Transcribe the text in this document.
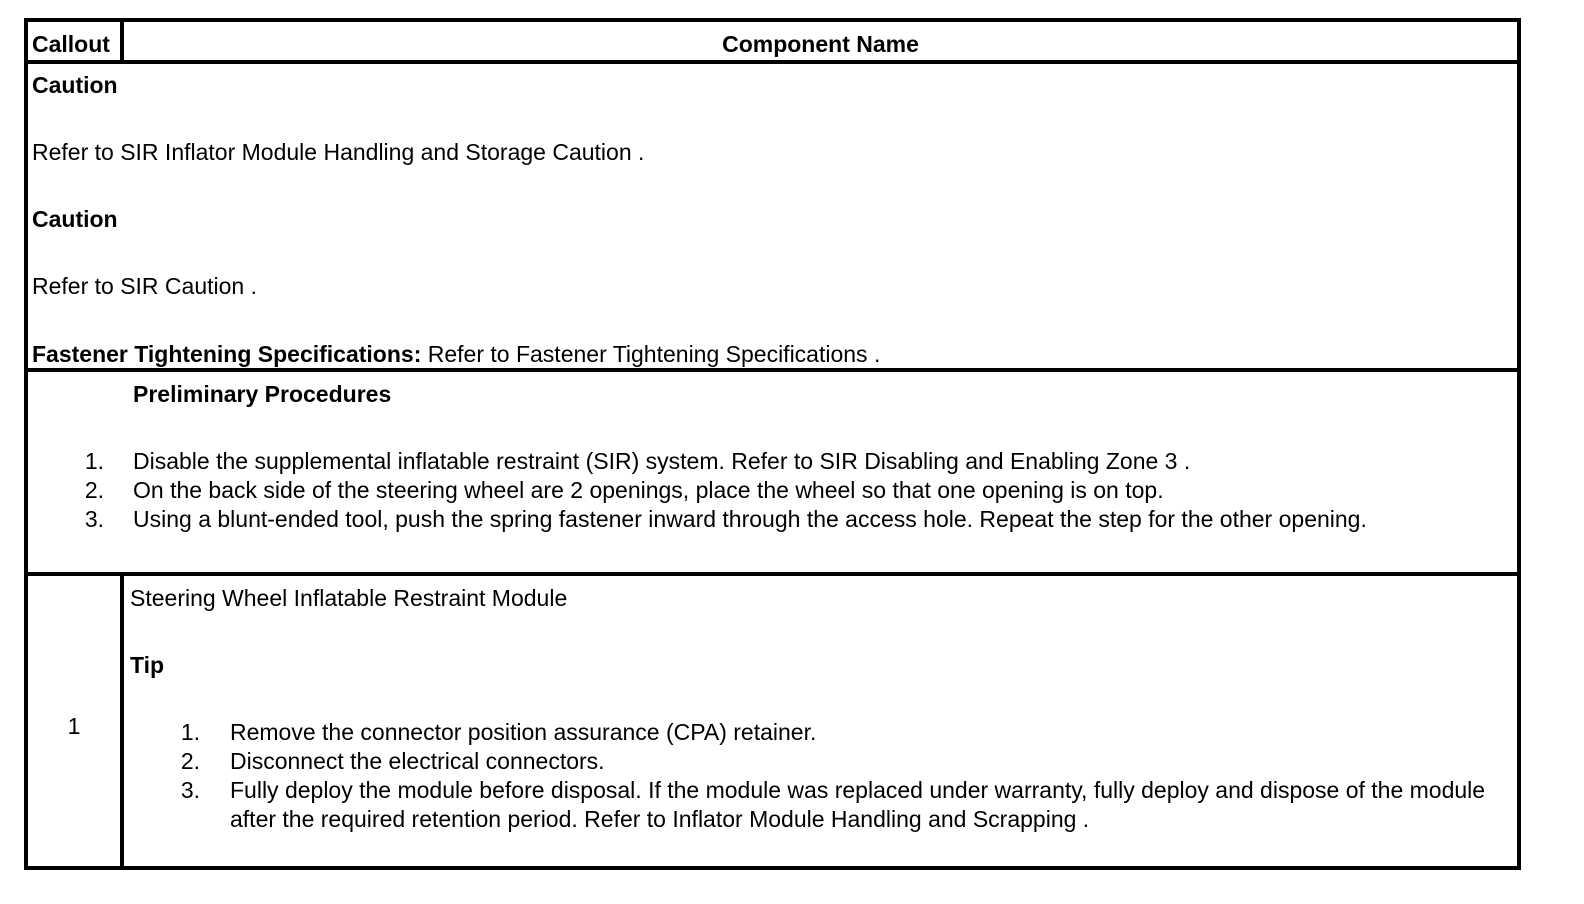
Callout	Component Name
Caution
Refer to SIR Inflator Module Handling and Storage Caution .
Caution
Refer to SIR Caution .
Fastener Tightening Specifications: Refer to Fastener Tightening Specifications .
Preliminary Procedures
1. Disable the supplemental inflatable restraint (SIR) system. Refer to SIR Disabling and Enabling Zone 3 .
2. On the back side of the steering wheel are 2 openings, place the wheel so that one opening is on top.
3. Using a blunt-ended tool, push the spring fastener inward through the access hole. Repeat the step for the other opening.
1
Steering Wheel Inflatable Restraint Module
Tip
1. Remove the connector position assurance (CPA) retainer.
2. Disconnect the electrical connectors.
3. Fully deploy the module before disposal. If the module was replaced under warranty, fully deploy and dispose of the module after the required retention period. Refer to Inflator Module Handling and Scrapping .
